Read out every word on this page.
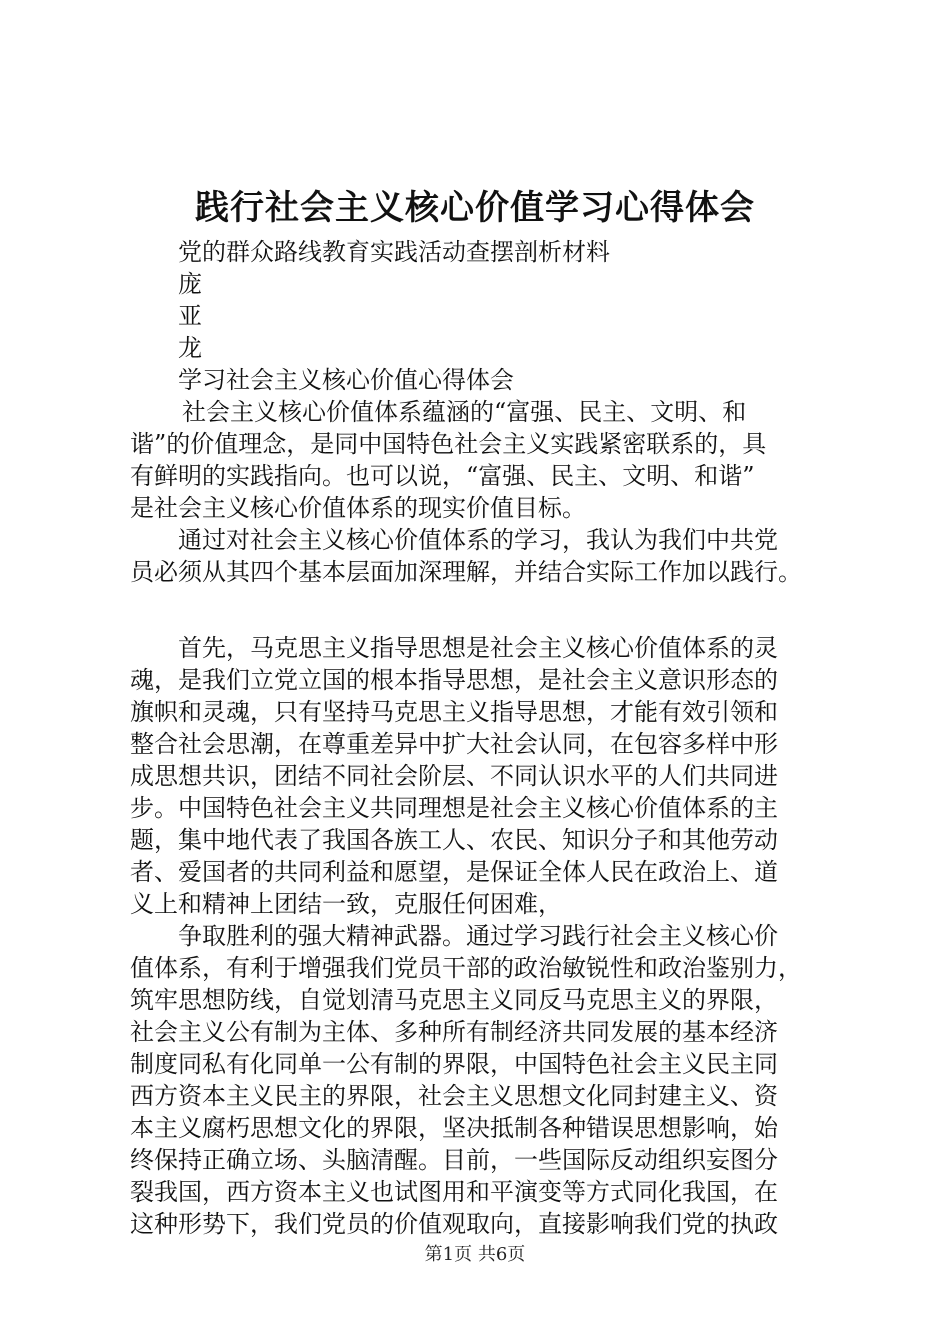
践行社会主义核心价值学习心得体会
党的群众路线教育实践活动查摆剖析材料
庞
亚
龙
学习社会主义核心价值心得体会
社会主义核心价值体系蕴涵的“富强、民主、文明、和
谐”的价值理念，是同中国特色社会主义实践紧密联系的，具
有鲜明的实践指向。也可以说，“富强、民主、文明、和谐”
是社会主义核心价值体系的现实价值目标。
通过对社会主义核心价值体系的学习，我认为我们中共党
员必须从其四个基本层面加深理解，并结合实际工作加以践行。
首先，马克思主义指导思想是社会主义核心价值体系的灵
魂，是我们立党立国的根本指导思想，是社会主义意识形态的
旗帜和灵魂，只有坚持马克思主义指导思想，才能有效引领和
整合社会思潮，在尊重差异中扩大社会认同，在包容多样中形
成思想共识，团结不同社会阶层、不同认识水平的人们共同进
步。中国特色社会主义共同理想是社会主义核心价值体系的主
题，集中地代表了我国各族工人、农民、知识分子和其他劳动
者、爱国者的共同利益和愿望，是保证全体人民在政治上、道
义上和精神上团结一致，克服任何困难，
争取胜利的强大精神武器。通过学习践行社会主义核心价
值体系，有利于增强我们党员干部的政治敏锐性和政治鉴别力，
筑牢思想防线，自觉划清马克思主义同反马克思主义的界限，
社会主义公有制为主体、多种所有制经济共同发展的基本经济
制度同私有化同单一公有制的界限，中国特色社会主义民主同
西方资本主义民主的界限，社会主义思想文化同封建主义、资
本主义腐朽思想文化的界限，坚决抵制各种错误思想影响，始
终保持正确立场、头脑清醒。目前，一些国际反动组织妄图分
裂我国，西方资本主义也试图用和平演变等方式同化我国，在
这种形势下，我们党员的价值观取向，直接影响我们党的执政
第1页 共6页
